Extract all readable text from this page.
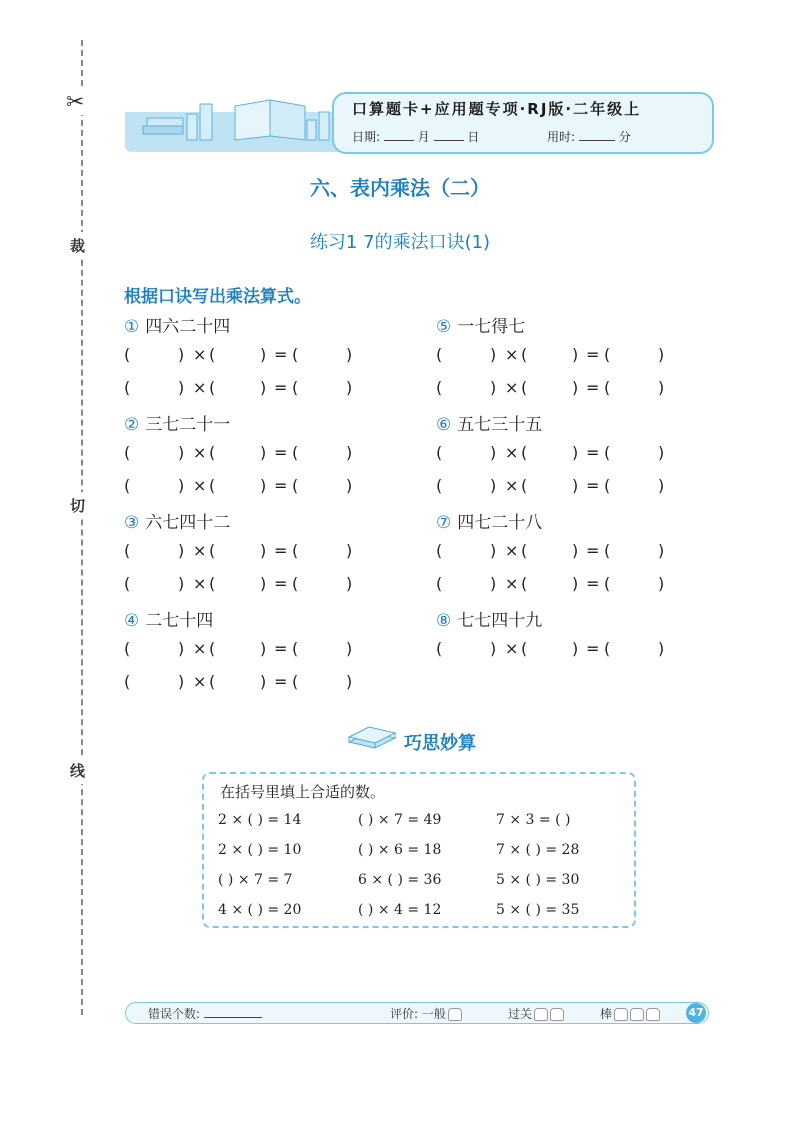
✂
裁
切
线
口算题卡+应用题专项·RJ版·二年级上
日期:	月	日	用时:	分
六、表内乘法（二）
练习1 7的乘法口诀(1)
根据口诀写出乘法算式。
① 四六二十四
(	) × (	) = (	)
(	) × (	) = (	)
② 三七二十一
(	) × (	) = (	)
(	) × (	) = (	)
③ 六七四十二
(	) × (	) = (	)
(	) × (	) = (	)
④ 二七十四
(	) × (	) = (	)
(	) × (	) = (	)
⑤ 一七得七
(	) × (	) = (	)
(	) × (	) = (	)
⑥ 五七三十五
(	) × (	) = (	)
(	) × (	) = (	)
⑦ 四七二十八
(	) × (	) = (	)
(	) × (	) = (	)
⑧ 七七四十九
(	) × (	) = (	)
巧思妙算
在括号里填上合适的数。
2 × ( ) = 14	( ) × 7 = 49	7 × 3 = ( )
2 × ( ) = 10	( ) × 6 = 18	7 × ( ) = 28
( ) × 7 = 7	6 × ( ) = 36	5 × ( ) = 30
4 × ( ) = 20	( ) × 4 = 12	5 × ( ) = 35
错误个数:	评价: 一般	过关	棒	47
